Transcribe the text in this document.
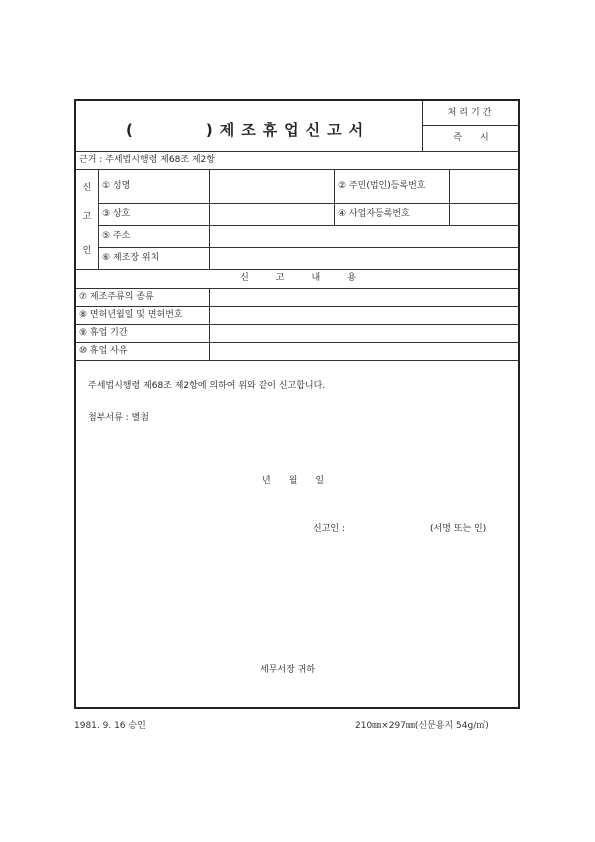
(　　　)제조휴업신고서
처리기간
즉　　시
근거 : 주세법시행령 제68조 제2항
신
고
인
① 성명	② 주민(법인)등록번호
③ 상호	④ 사업자등록번호
⑤ 주소
⑥ 제조장 위치
신　　　고　　　내　　　용
⑦ 제조주류의 종류
⑧ 면허년월일 및 면허번호
⑨ 휴업 기간
⑩ 휴업 사유
주세법시행령 제68조 제2항에 의하여 위와 같이 신고합니다.
첨부서류 : 별첨
년　　월　　일
신고인 :	(서명 또는 인)
세무서장 귀하
1981. 9. 16 승인	210㎜×297㎜(신문용지 54g/㎡)
